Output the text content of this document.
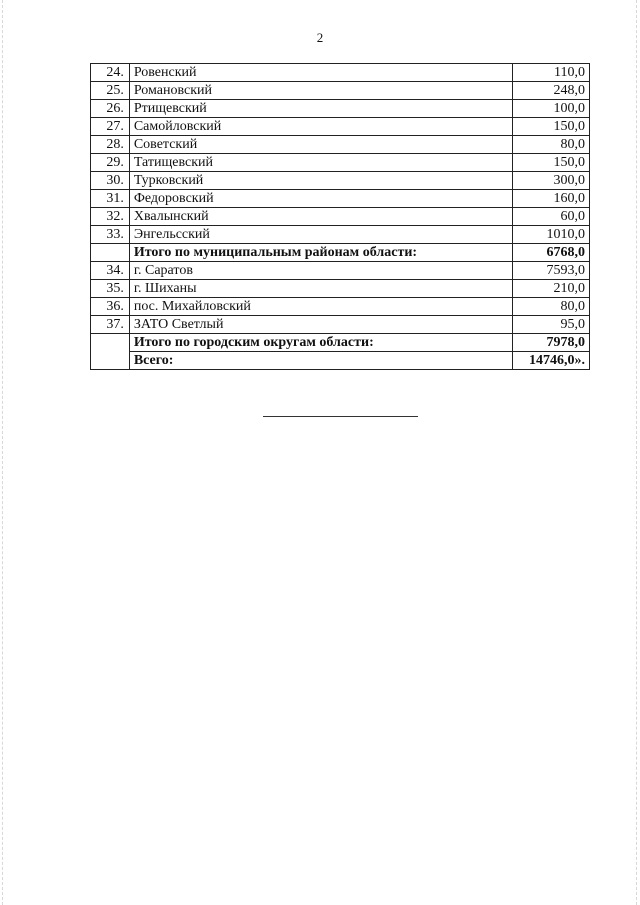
2
24.	Ровенский	110,0
25.	Романовский	248,0
26.	Ртищевский	100,0
27.	Самойловский	150,0
28.	Советский	80,0
29.	Татищевский	150,0
30.	Турковский	300,0
31.	Федоровский	160,0
32.	Хвалынский	60,0
33.	Энгельсский	1010,0
	Итого по муниципальным районам области:	6768,0
34.	г. Саратов	7593,0
35.	г. Шиханы	210,0
36.	пос. Михайловский	80,0
37.	ЗАТО Светлый	95,0
	Итого по городским округам области:	7978,0
	Всего:	14746,0».
